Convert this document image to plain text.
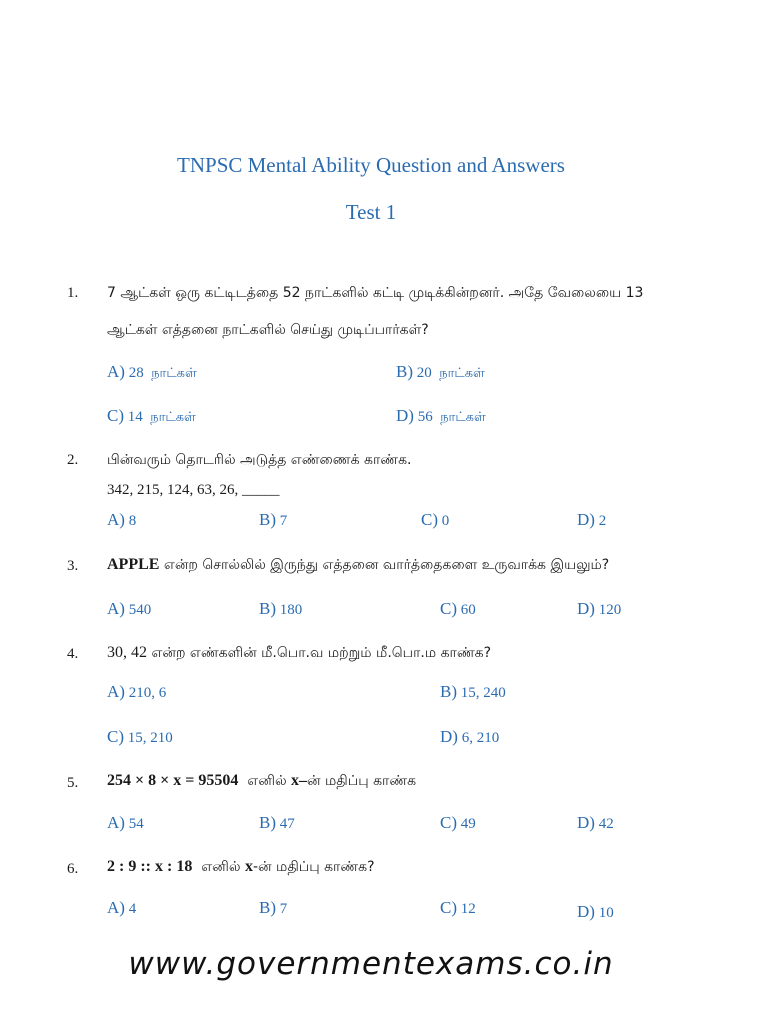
TNPSC Mental Ability Question and Answers
Test 1
1. 7 ஆட்கள் ஒரு கட்டிடத்தை 52 நாட்களில் கட்டி முடிக்கின்றனர். அதே வேலையை 13
ஆட்கள் எத்தனை நாட்களில் செய்து முடிப்பார்கள்?
A) 28 நாட்கள்	B) 20 நாட்கள்
C) 14 நாட்கள்	D) 56 நாட்கள்
2. பின்வரும் தொடரில் அடுத்த எண்ணைக் காண்க.
342, 215, 124, 63, 26, _____
A) 8	B) 7	C) 0	D) 2
3. APPLE என்ற சொல்லில் இருந்து எத்தனை வார்த்தைகளை உருவாக்க இயலும்?
A) 540	B) 180	C) 60	D) 120
4. 30, 42 என்ற எண்களின் மீ.பொ.வ மற்றும் மீ.பொ.ம காண்க?
A) 210, 6	B) 15, 240
C) 15, 210	D) 6, 210
5. 254 × 8 × x = 95504 எனில் x–ன் மதிப்பு காண்க
A) 54	B) 47	C) 49	D) 42
6. 2 : 9 :: x : 18 எனில் x-ன் மதிப்பு காண்க?
A) 4	B) 7	C) 12	D) 10
www.governmentexams.co.in
